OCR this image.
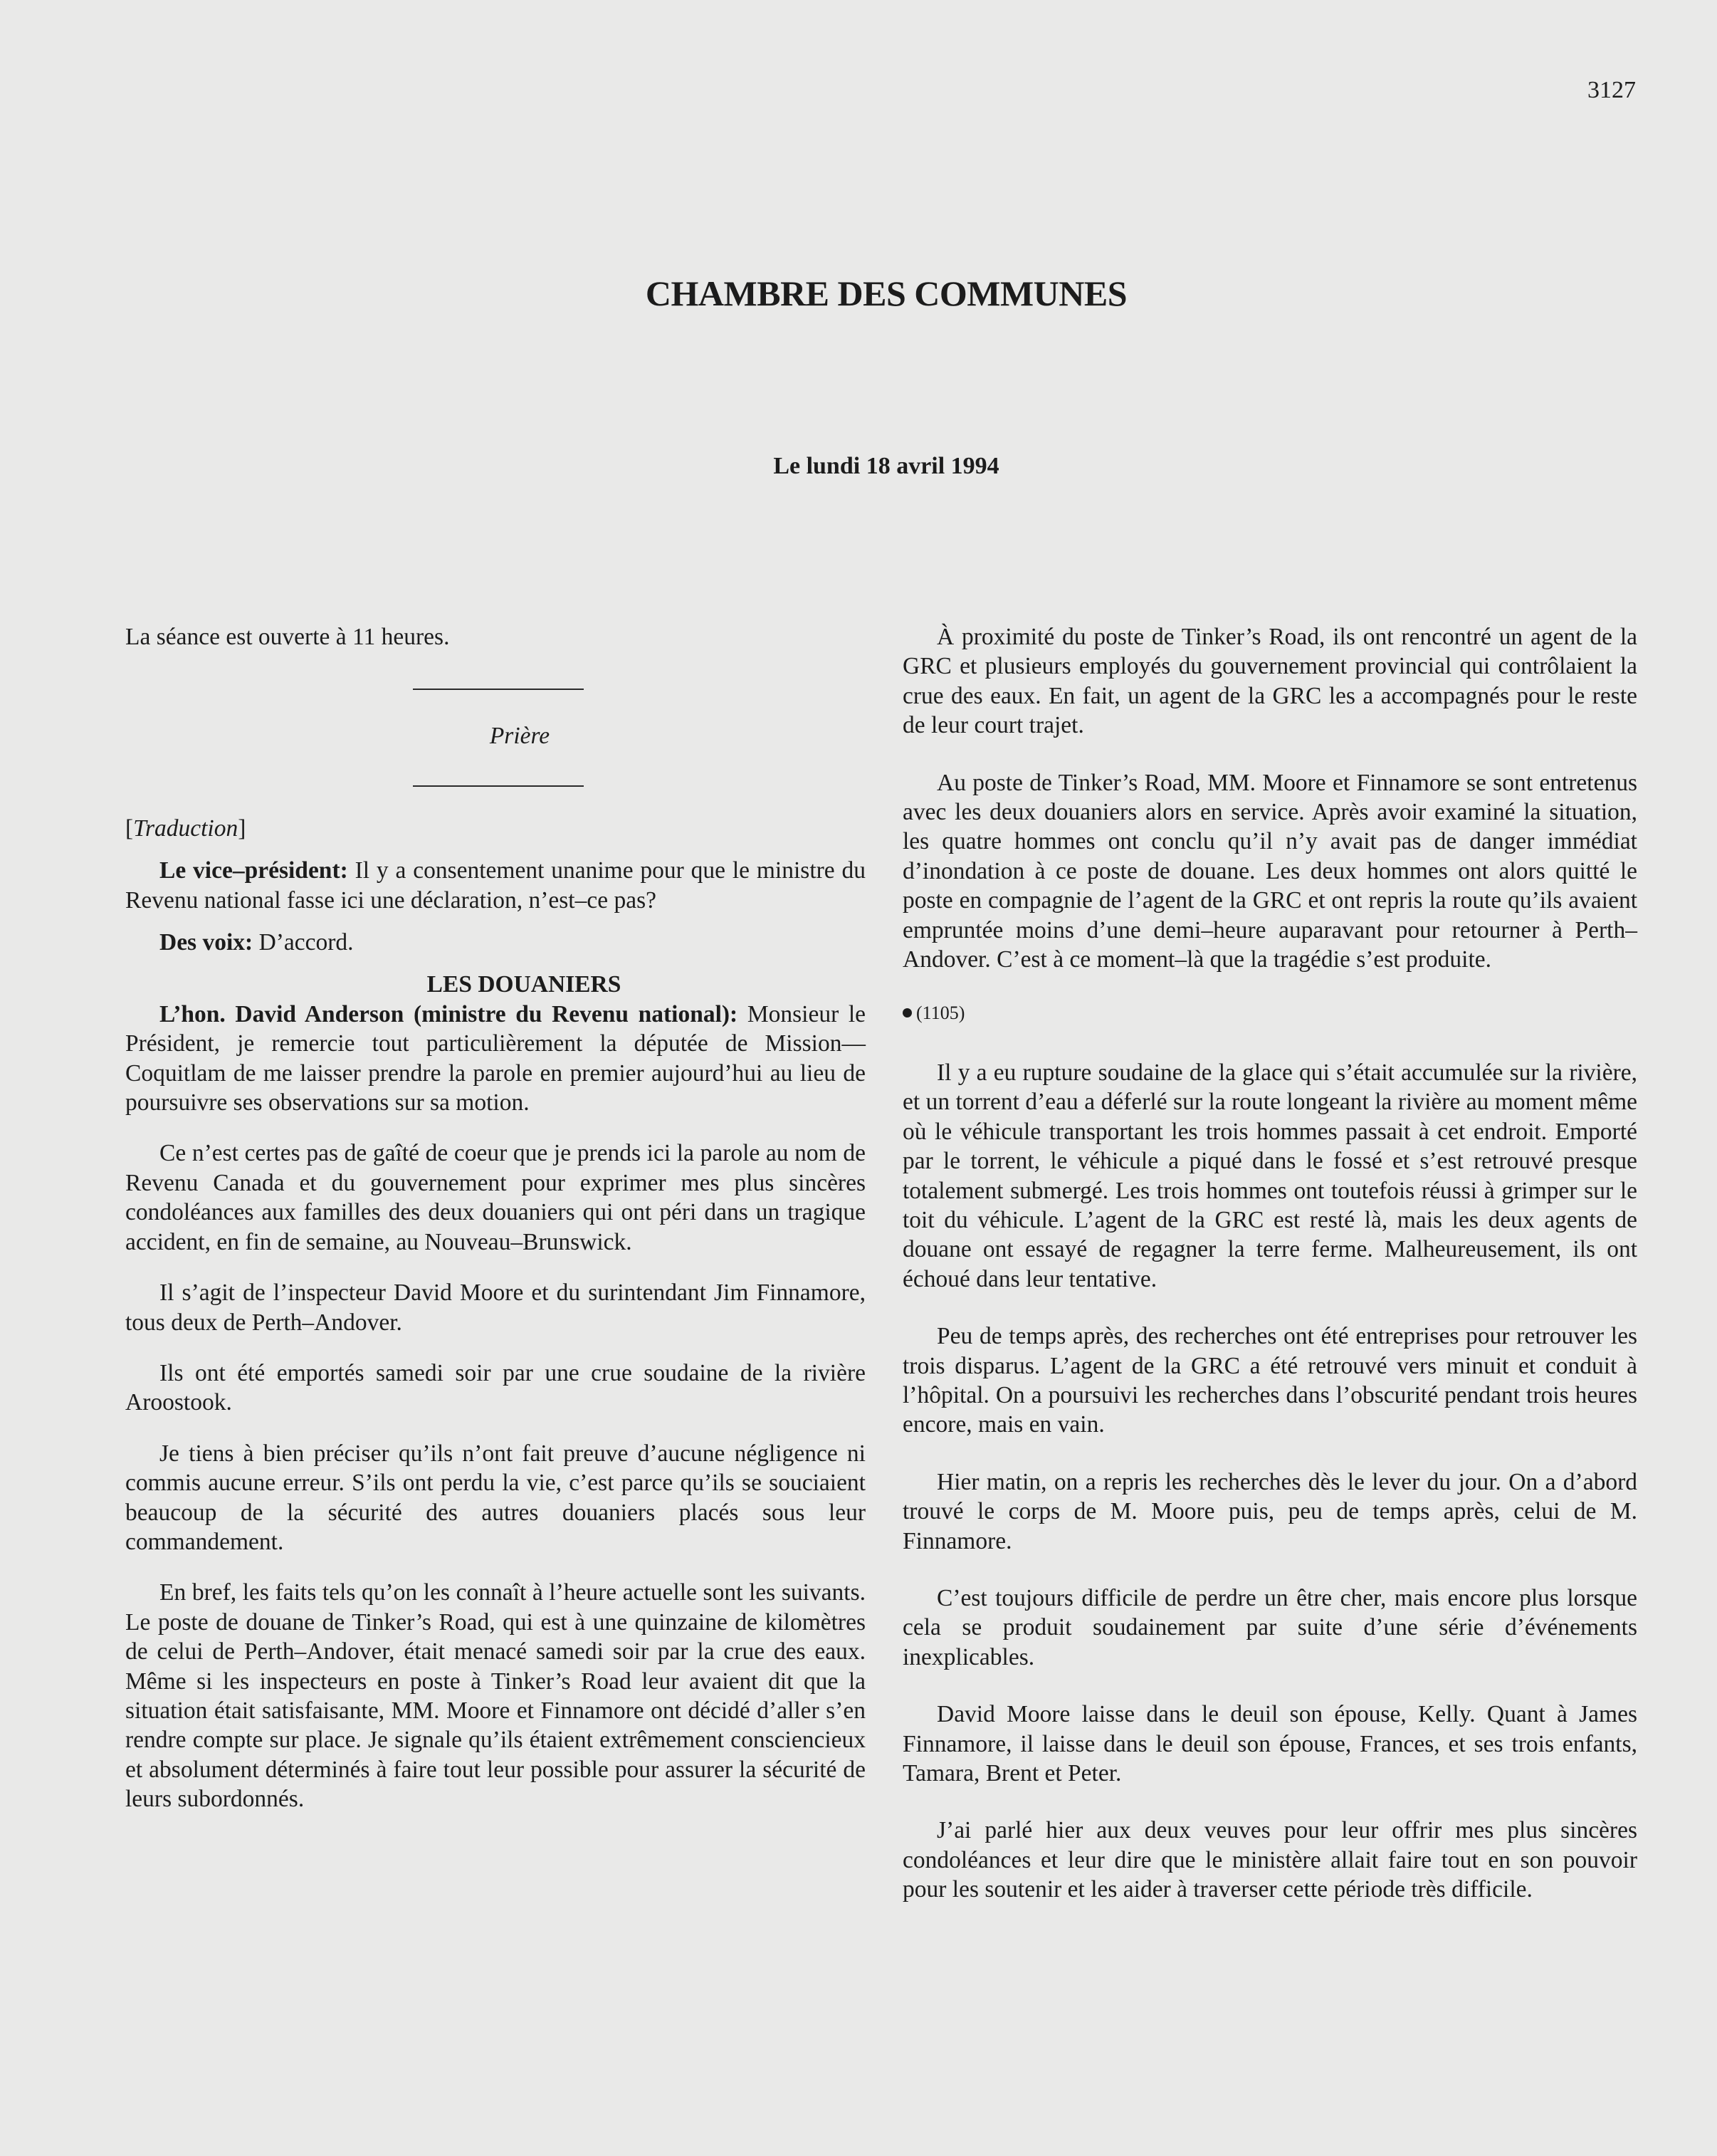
3127
CHAMBRE DES COMMUNES
Le lundi 18 avril 1994

La séance est ouverte à 11 heures.

Prière

[Traduction]

Le vice–président: Il y a consentement unanime pour que le ministre du Revenu national fasse ici une déclaration, n’est–ce pas?

Des voix: D’accord.

LES DOUANIERS

L’hon. David Anderson (ministre du Revenu national): Monsieur le Président, je remercie tout particulièrement la députée de Mission—Coquitlam de me laisser prendre la parole en premier aujourd’hui au lieu de poursuivre ses observations sur sa motion.

Ce n’est certes pas de gaîté de coeur que je prends ici la parole au nom de Revenu Canada et du gouvernement pour exprimer mes plus sincères condoléances aux familles des deux douaniers qui ont péri dans un tragique accident, en fin de semaine, au Nouveau–Brunswick.

Il s’agit de l’inspecteur David Moore et du surintendant Jim Finnamore, tous deux de Perth–Andover.

Ils ont été emportés samedi soir par une crue soudaine de la rivière Aroostook.

Je tiens à bien préciser qu’ils n’ont fait preuve d’aucune négligence ni commis aucune erreur. S’ils ont perdu la vie, c’est parce qu’ils se souciaient beaucoup de la sécurité des autres douaniers placés sous leur commandement.

En bref, les faits tels qu’on les connaît à l’heure actuelle sont les suivants. Le poste de douane de Tinker’s Road, qui est à une quinzaine de kilomètres de celui de Perth–Andover, était menacé samedi soir par la crue des eaux. Même si les inspecteurs en poste à Tinker’s Road leur avaient dit que la situation était satisfaisante, MM. Moore et Finnamore ont décidé d’aller s’en rendre compte sur place. Je signale qu’ils étaient extrêmement consciencieux et absolument déterminés à faire tout leur possible pour assurer la sécurité de leurs subordonnés.

À proximité du poste de Tinker’s Road, ils ont rencontré un agent de la GRC et plusieurs employés du gouvernement provincial qui contrôlaient la crue des eaux. En fait, un agent de la GRC les a accompagnés pour le reste de leur court trajet.

Au poste de Tinker’s Road, MM. Moore et Finnamore se sont entretenus avec les deux douaniers alors en service. Après avoir examiné la situation, les quatre hommes ont conclu qu’il n’y avait pas de danger immédiat d’inondation à ce poste de douane. Les deux hommes ont alors quitté le poste en compagnie de l’agent de la GRC et ont repris la route qu’ils avaient empruntée moins d’une demi–heure auparavant pour retourner à Perth–Andover. C’est à ce moment–là que la tragédie s’est produite.

(1105)

Il y a eu rupture soudaine de la glace qui s’était accumulée sur la rivière, et un torrent d’eau a déferlé sur la route longeant la rivière au moment même où le véhicule transportant les trois hommes passait à cet endroit. Emporté par le torrent, le véhicule a piqué dans le fossé et s’est retrouvé presque totalement submergé. Les trois hommes ont toutefois réussi à grimper sur le toit du véhicule. L’agent de la GRC est resté là, mais les deux agents de douane ont essayé de regagner la terre ferme. Malheureusement, ils ont échoué dans leur tentative.

Peu de temps après, des recherches ont été entreprises pour retrouver les trois disparus. L’agent de la GRC a été retrouvé vers minuit et conduit à l’hôpital. On a poursuivi les recherches dans l’obscurité pendant trois heures encore, mais en vain.

Hier matin, on a repris les recherches dès le lever du jour. On a d’abord trouvé le corps de M. Moore puis, peu de temps après, celui de M. Finnamore.

C’est toujours difficile de perdre un être cher, mais encore plus lorsque cela se produit soudainement par suite d’une série d’événements inexplicables.

David Moore laisse dans le deuil son épouse, Kelly. Quant à James Finnamore, il laisse dans le deuil son épouse, Frances, et ses trois enfants, Tamara, Brent et Peter.

J’ai parlé hier aux deux veuves pour leur offrir mes plus sincères condoléances et leur dire que le ministère allait faire tout en son pouvoir pour les soutenir et les aider à traverser cette période très difficile.
